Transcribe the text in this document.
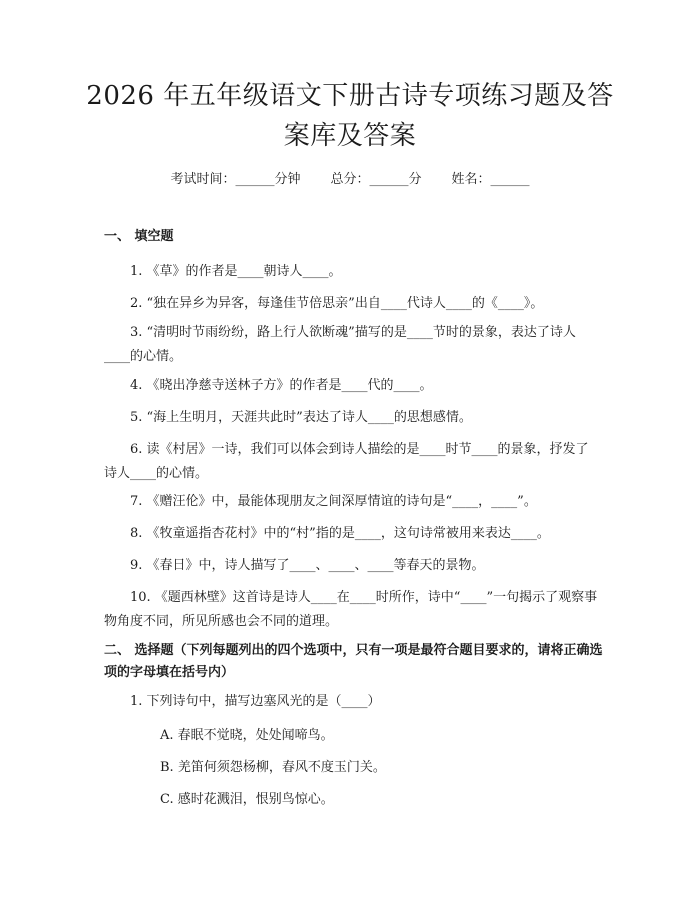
2026 年五年级语文下册古诗专项练习题及答
案库及答案
考试时间：______分钟 总分：______分 姓名：______
一、 填空题
1. 《草》的作者是____朝诗人____。
2. “独在异乡为异客，每逢佳节倍思亲”出自____代诗人____的《____》。
3. “清明时节雨纷纷，路上行人欲断魂”描写的是____节时的景象，表达了诗人____的心情。
4. 《晓出净慈寺送林子方》的作者是____代的____。
5. “海上生明月，天涯共此时”表达了诗人____的思想感情。
6. 读《村居》一诗，我们可以体会到诗人描绘的是____时节____的景象，抒发了诗人____的心情。
7. 《赠汪伦》中，最能体现朋友之间深厚情谊的诗句是“____，____”。
8. 《牧童遥指杏花村》中的“村”指的是____，这句诗常被用来表达____。
9. 《春日》中，诗人描写了____、____、____等春天的景物。
10. 《题西林壁》这首诗是诗人____在____时所作，诗中“____”一句揭示了观察事物角度不同，所见所感也会不同的道理。
二、 选择题（下列每题列出的四个选项中，只有一项是最符合题目要求的，请将正确选项的字母填在括号内）
1. 下列诗句中，描写边塞风光的是（____）
A. 春眠不觉晓，处处闻啼鸟。
B. 羌笛何须怨杨柳，春风不度玉门关。
C. 感时花溅泪，恨别鸟惊心。
